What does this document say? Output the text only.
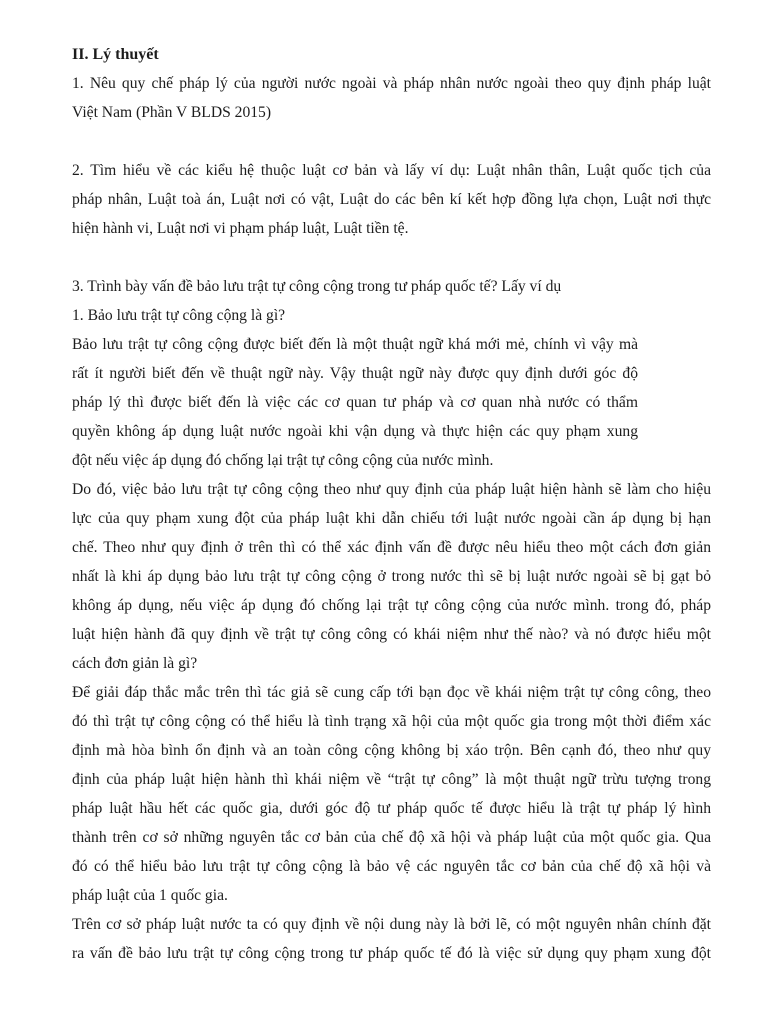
II. Lý thuyết
1. Nêu quy chế pháp lý của người nước ngoài và pháp nhân nước ngoài theo quy định pháp luật
Việt Nam (Phần V BLDS 2015)
2. Tìm hiểu về các kiểu hệ thuộc luật cơ bản và lấy ví dụ: Luật nhân thân, Luật quốc tịch của
pháp nhân, Luật toà án, Luật nơi có vật, Luật do các bên kí kết hợp đồng lựa chọn, Luật nơi thực
hiện hành vi, Luật nơi vi phạm pháp luật, Luật tiền tệ.
3. Trình bày vấn đề bảo lưu trật tự công cộng trong tư pháp quốc tế? Lấy ví dụ
1. Bảo lưu trật tự công cộng là gì?
Bảo lưu trật tự công cộng được biết đến là một thuật ngữ khá mới mẻ, chính vì vậy mà
rất ít người biết đến về thuật ngữ này. Vậy thuật ngữ này được quy định dưới góc độ
pháp lý thì được biết đến là việc các cơ quan tư pháp và cơ quan nhà nước có thẩm
quyền không áp dụng luật nước ngoài khi vận dụng và thực hiện các quy phạm xung
đột nếu việc áp dụng đó chống lại trật tự công cộng của nước mình.
Do đó, việc bảo lưu trật tự công cộng theo như quy định của pháp luật hiện hành sẽ làm cho hiệu
lực của quy phạm xung đột của pháp luật khi dẫn chiếu tới luật nước ngoài cần áp dụng bị hạn
chế. Theo như quy định ở trên thì có thể xác định vấn đề được nêu hiểu theo một cách đơn giản
nhất là khi áp dụng bảo lưu trật tự công cộng ở trong nước thì sẽ bị luật nước ngoài sẽ bị gạt bỏ
không áp dụng, nếu việc áp dụng đó chống lại trật tự công cộng của nước mình. trong đó, pháp
luật hiện hành đã quy định về trật tự công công có khái niệm như thế nào? và nó được hiểu một
cách đơn giản là gì?
Để giải đáp thắc mắc trên thì tác giả sẽ cung cấp tới bạn đọc về khái niệm trật tự công công, theo
đó thì trật tự công cộng có thể hiểu là tình trạng xã hội của một quốc gia trong một thời điểm xác
định mà hòa bình ổn định và an toàn công cộng không bị xáo trộn. Bên cạnh đó, theo như quy
định của pháp luật hiện hành thì khái niệm về “trật tự công” là một thuật ngữ trừu tượng trong
pháp luật hầu hết các quốc gia, dưới góc độ tư pháp quốc tế được hiểu là trật tự pháp lý hình
thành trên cơ sở những nguyên tắc cơ bản của chế độ xã hội và pháp luật của một quốc gia. Qua
đó có thể hiểu bảo lưu trật tự công cộng là bảo vệ các nguyên tắc cơ bản của chế độ xã hội và
pháp luật của 1 quốc gia.
Trên cơ sở pháp luật nước ta có quy định về nội dung này là bởi lẽ, có một nguyên nhân chính đặt
ra vấn đề bảo lưu trật tự công cộng trong tư pháp quốc tế đó là việc sử dụng quy phạm xung đột
